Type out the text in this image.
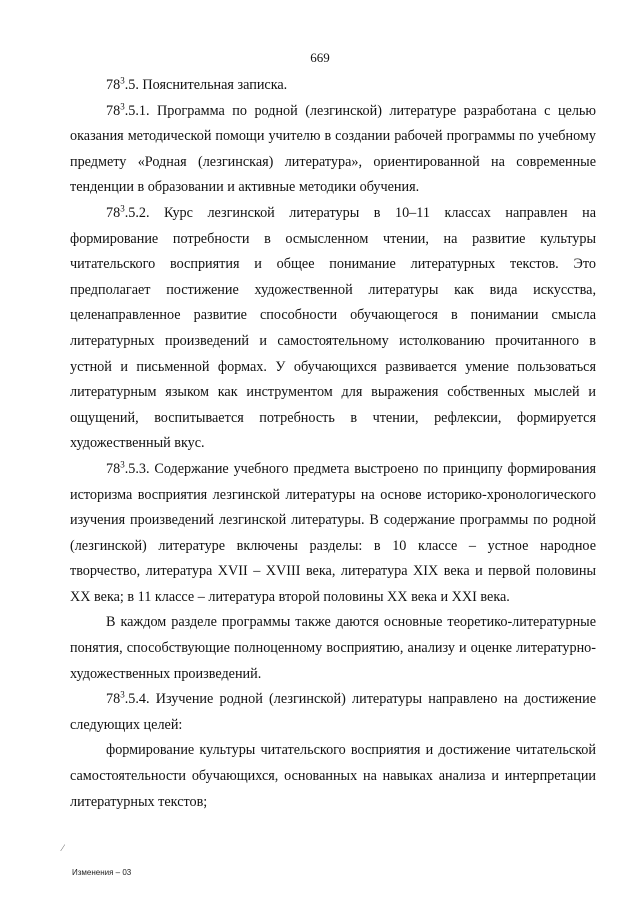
669

$78^3.5$. Пояснительная записка.

$78^3.5.1$. Программа по родной (лезгинской) литературе разработана с целью оказания методической помощи учителю в создании рабочей программы по учебному предмету «Родная (лезгинская) литература», ориентированной на современные тенденции в образовании и активные методики обучения.

$78^3.5.2$. Курс лезгинской литературы в 10–11 классах направлен на формирование потребности в осмысленном чтении, на развитие культуры читательского восприятия и общее понимание литературных текстов. Это предполагает постижение художественной литературы как вида искусства, целенаправленное развитие способности обучающегося в понимании смысла литературных произведений и самостоятельному истолкованию прочитанного в устной и письменной формах. У обучающихся развивается умение пользоваться литературным языком как инструментом для выражения собственных мыслей и ощущений, воспитывается потребность в чтении, рефлексии, формируется художественный вкус.

$78^3.5.3$. Содержание учебного предмета выстроено по принципу формирования историзма восприятия лезгинской литературы на основе историко-хронологического изучения произведений лезгинской литературы. В содержание программы по родной (лезгинской) литературе включены разделы: в 10 классе – устное народное творчество, литература XVII – XVIII века, литература XIX века и первой половины XX века; в 11 классе – литература второй половины XX века и XXI века.

В каждом разделе программы также даются основные теоретико-литературные понятия, способствующие полноценному восприятию, анализу и оценке литературно-художественных произведений.

$78^3.5.4$. Изучение родной (лезгинской) литературы направлено на достижение следующих целей:

формирование культуры читательского восприятия и достижение читательской самостоятельности обучающихся, основанных на навыках анализа и интерпретации литературных текстов;

⁄
Изменения – 03
